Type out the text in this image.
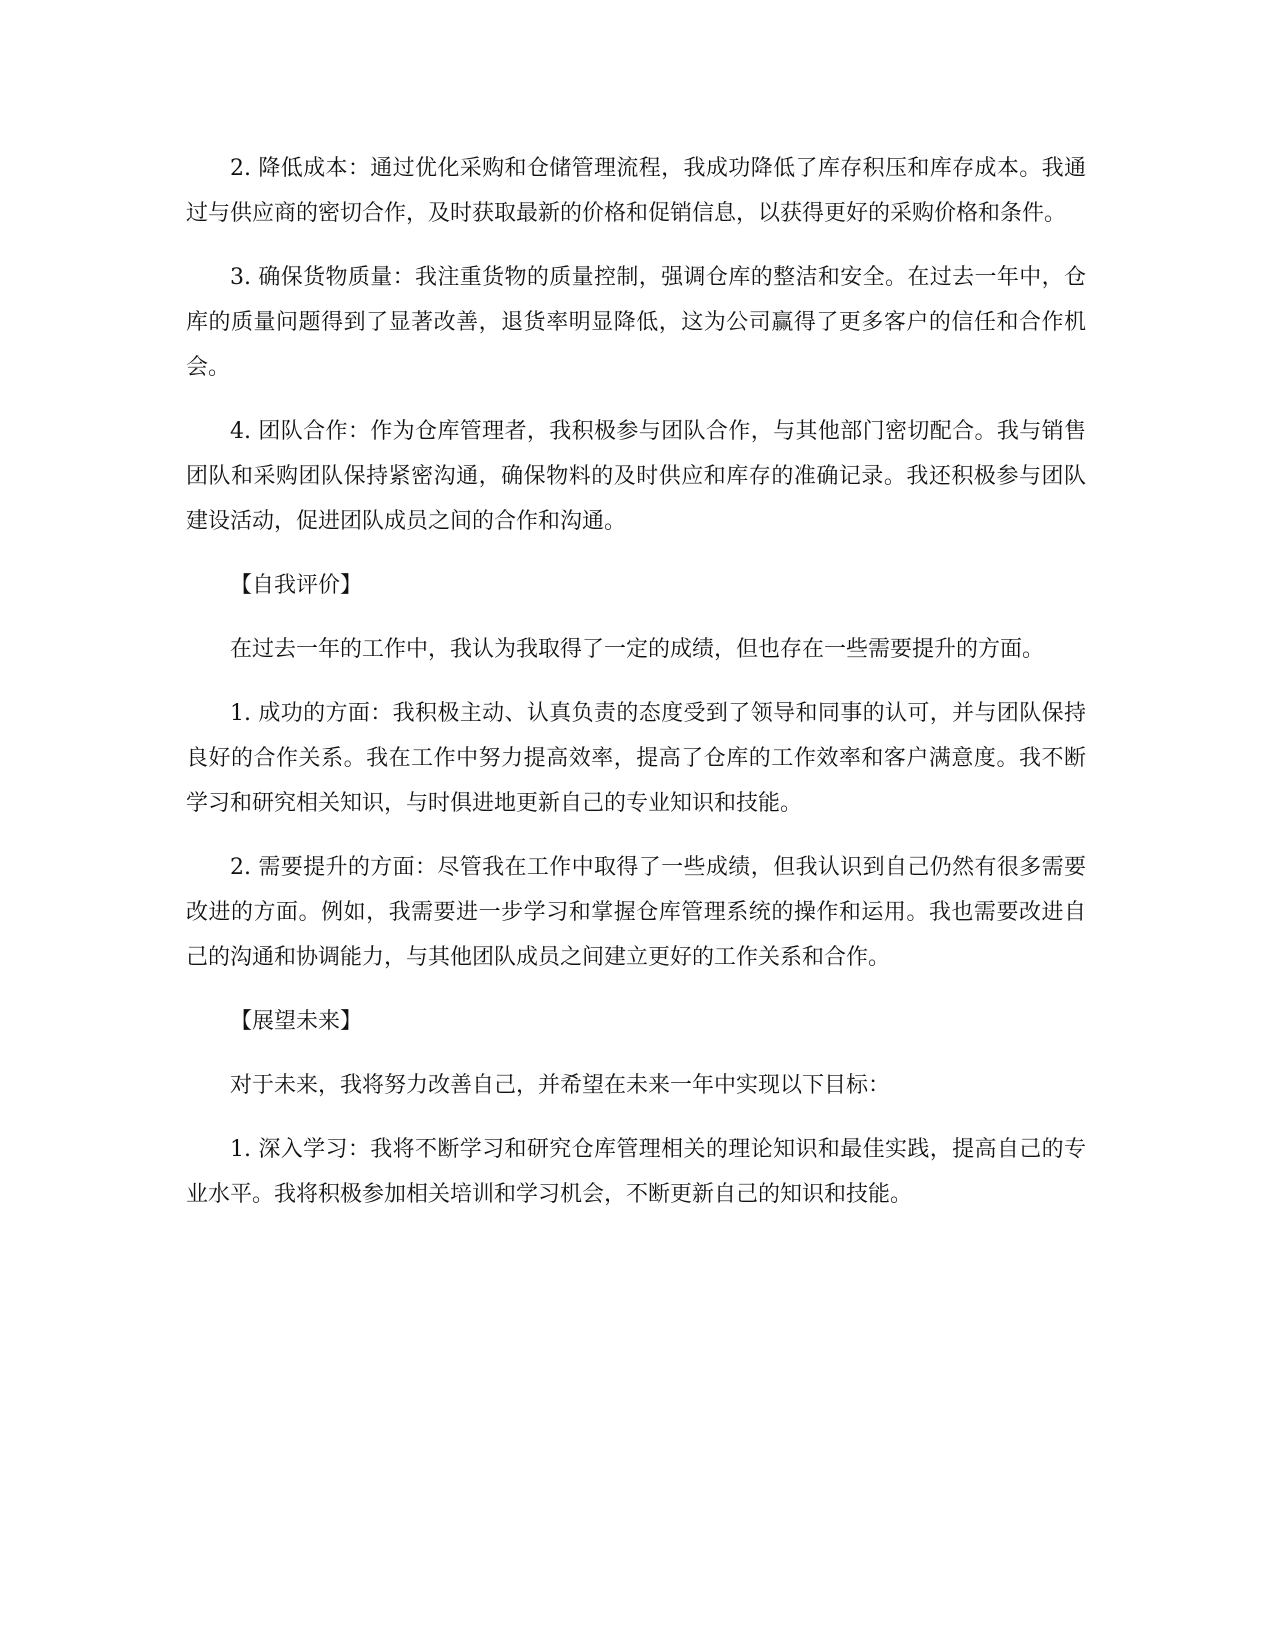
2. 降低成本：通过优化采购和仓储管理流程，我成功降低了库存积压和库存成本。我通过与供应商的密切合作，及时获取最新的价格和促销信息，以获得更好的采购价格和条件。

3. 确保货物质量：我注重货物的质量控制，强调仓库的整洁和安全。在过去一年中，仓库的质量问题得到了显著改善，退货率明显降低，这为公司赢得了更多客户的信任和合作机会。

4. 团队合作：作为仓库管理者，我积极参与团队合作，与其他部门密切配合。我与销售团队和采购团队保持紧密沟通，确保物料的及时供应和库存的准确记录。我还积极参与团队建设活动，促进团队成员之间的合作和沟通。

【自我评价】

在过去一年的工作中，我认为我取得了一定的成绩，但也存在一些需要提升的方面。

1. 成功的方面：我积极主动、认真负责的态度受到了领导和同事的认可，并与团队保持良好的合作关系。我在工作中努力提高效率，提高了仓库的工作效率和客户满意度。我不断学习和研究相关知识，与时俱进地更新自己的专业知识和技能。

2. 需要提升的方面：尽管我在工作中取得了一些成绩，但我认识到自己仍然有很多需要改进的方面。例如，我需要进一步学习和掌握仓库管理系统的操作和运用。我也需要改进自己的沟通和协调能力，与其他团队成员之间建立更好的工作关系和合作。

【展望未来】

对于未来，我将努力改善自己，并希望在未来一年中实现以下目标：

1. 深入学习：我将不断学习和研究仓库管理相关的理论知识和最佳实践，提高自己的专业水平。我将积极参加相关培训和学习机会，不断更新自己的知识和技能。
